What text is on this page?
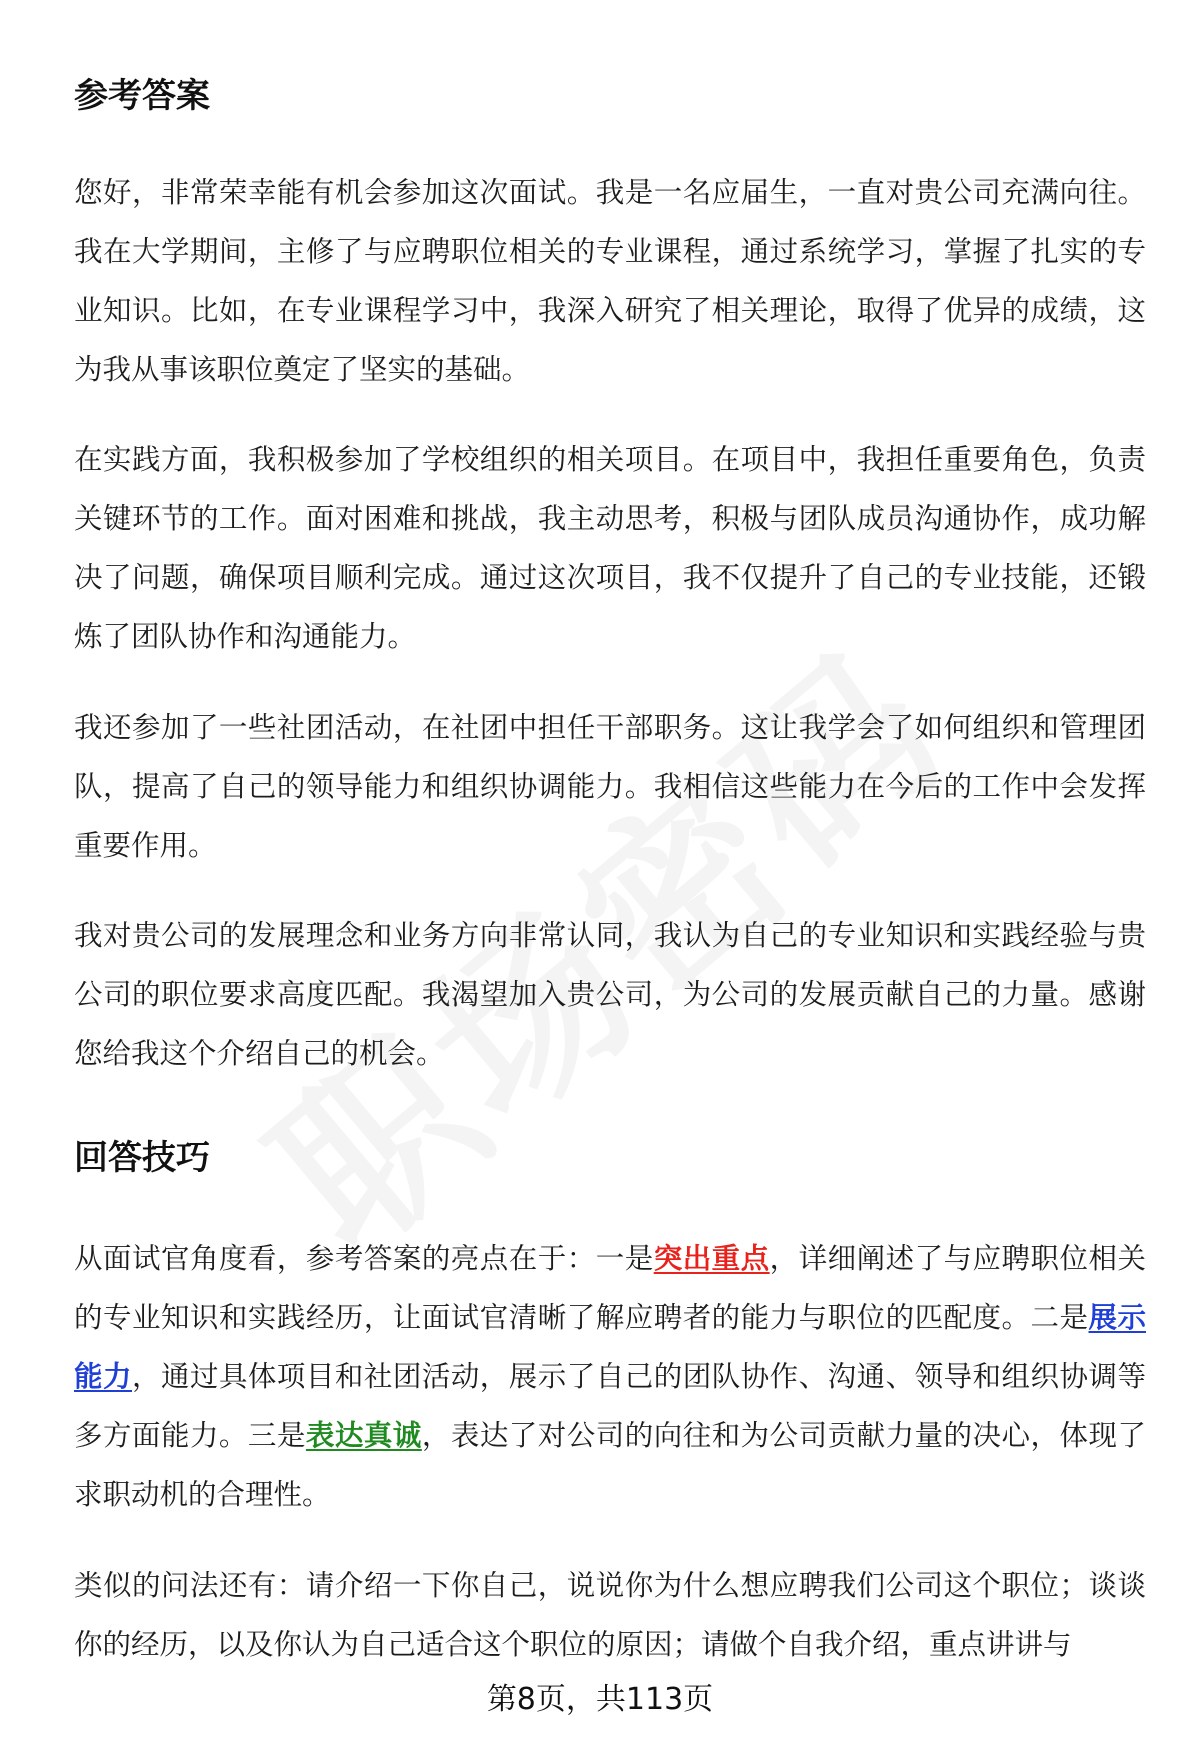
参考答案

您好，非常荣幸能有机会参加这次面试。我是一名应届生，一直对贵公司充满向往。我在大学期间，主修了与应聘职位相关的专业课程，通过系统学习，掌握了扎实的专业知识。比如，在专业课程学习中，我深入研究了相关理论，取得了优异的成绩，这为我从事该职位奠定了坚实的基础。

在实践方面，我积极参加了学校组织的相关项目。在项目中，我担任重要角色，负责关键环节的工作。面对困难和挑战，我主动思考，积极与团队成员沟通协作，成功解决了问题，确保项目顺利完成。通过这次项目，我不仅提升了自己的专业技能，还锻炼了团队协作和沟通能力。

我还参加了一些社团活动，在社团中担任干部职务。这让我学会了如何组织和管理团队，提高了自己的领导能力和组织协调能力。我相信这些能力在今后的工作中会发挥重要作用。

我对贵公司的发展理念和业务方向非常认同，我认为自己的专业知识和实践经验与贵公司的职位要求高度匹配。我渴望加入贵公司，为公司的发展贡献自己的力量。感谢您给我这个介绍自己的机会。

回答技巧

从面试官角度看，参考答案的亮点在于：一是突出重点，详细阐述了与应聘职位相关的专业知识和实践经历，让面试官清晰了解应聘者的能力与职位的匹配度。二是展示能力，通过具体项目和社团活动，展示了自己的团队协作、沟通、领导和组织协调等多方面能力。三是表达真诚，表达了对公司的向往和为公司贡献力量的决心，体现了求职动机的合理性。

类似的问法还有：请介绍一下你自己，说说你为什么想应聘我们公司这个职位；谈谈你的经历，以及你认为自己适合这个职位的原因；请做个自我介绍，重点讲讲与

第8页，共113页
